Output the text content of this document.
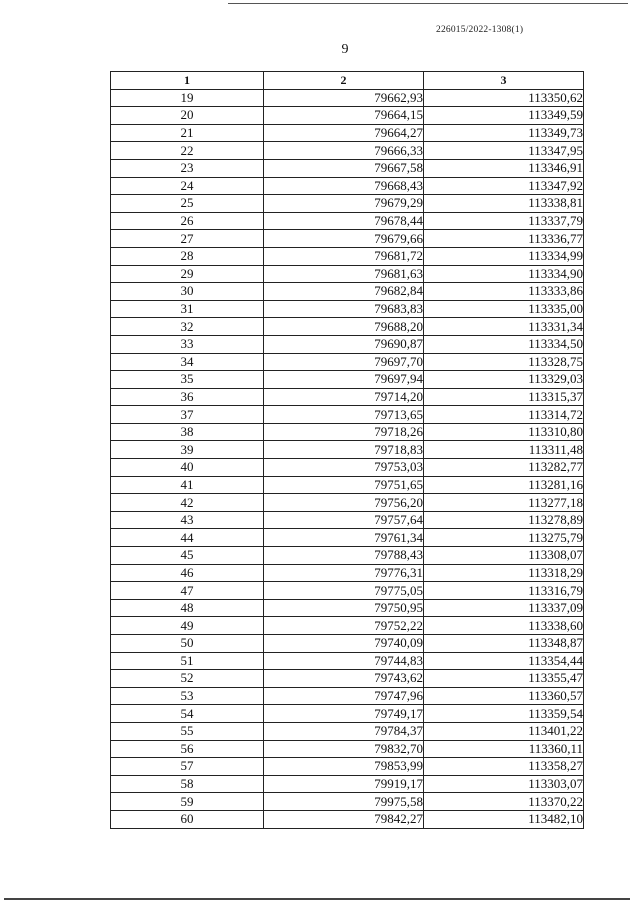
226015/2022-1308(1)
9
1	2	3
19	79662,93	113350,62
20	79664,15	113349,59
21	79664,27	113349,73
22	79666,33	113347,95
23	79667,58	113346,91
24	79668,43	113347,92
25	79679,29	113338,81
26	79678,44	113337,79
27	79679,66	113336,77
28	79681,72	113334,99
29	79681,63	113334,90
30	79682,84	113333,86
31	79683,83	113335,00
32	79688,20	113331,34
33	79690,87	113334,50
34	79697,70	113328,75
35	79697,94	113329,03
36	79714,20	113315,37
37	79713,65	113314,72
38	79718,26	113310,80
39	79718,83	113311,48
40	79753,03	113282,77
41	79751,65	113281,16
42	79756,20	113277,18
43	79757,64	113278,89
44	79761,34	113275,79
45	79788,43	113308,07
46	79776,31	113318,29
47	79775,05	113316,79
48	79750,95	113337,09
49	79752,22	113338,60
50	79740,09	113348,87
51	79744,83	113354,44
52	79743,62	113355,47
53	79747,96	113360,57
54	79749,17	113359,54
55	79784,37	113401,22
56	79832,70	113360,11
57	79853,99	113358,27
58	79919,17	113303,07
59	79975,58	113370,22
60	79842,27	113482,10
